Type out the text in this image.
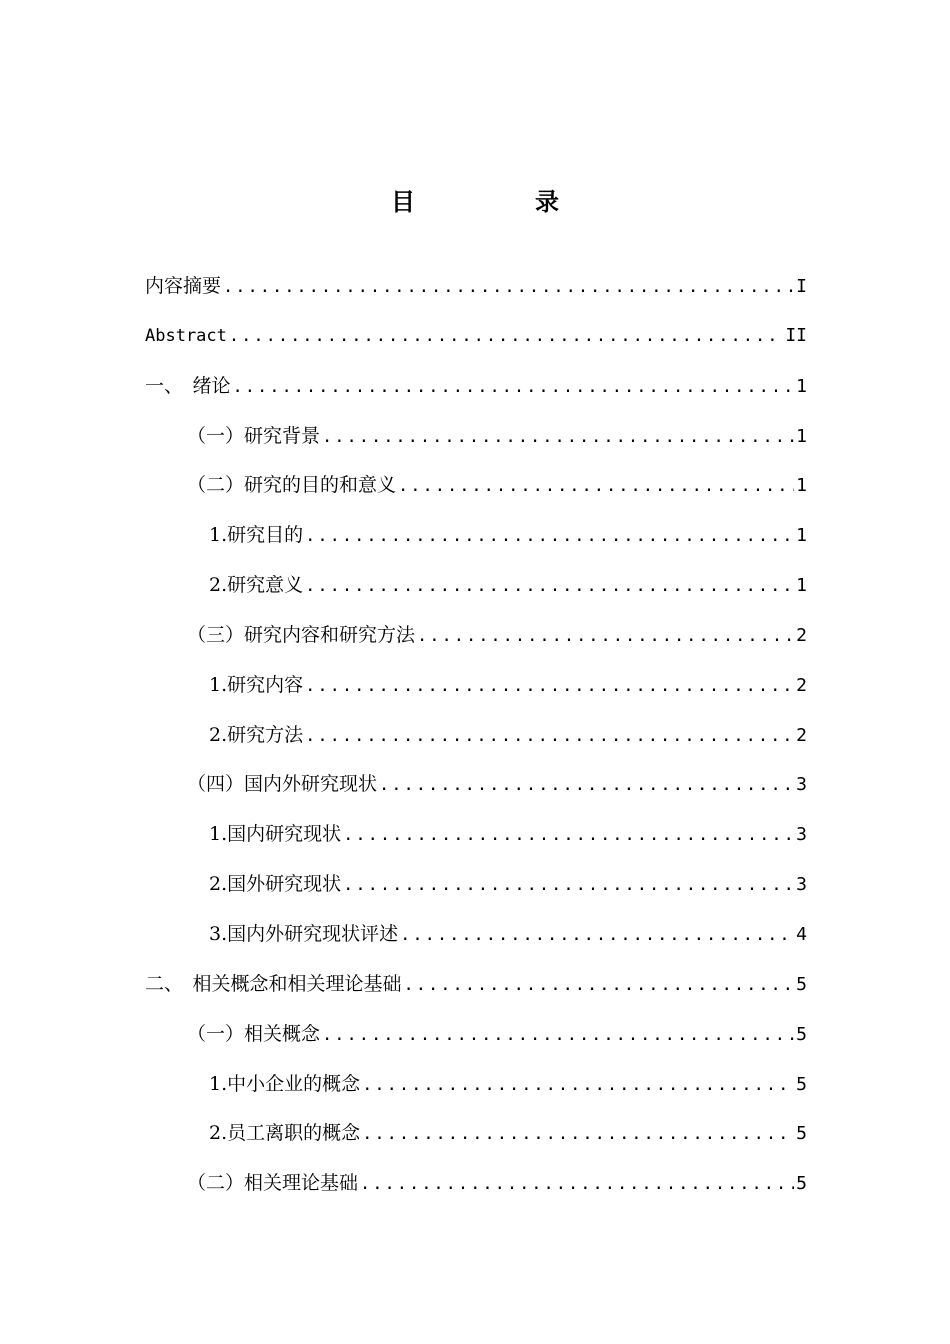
目　录
内容摘要 .....	I
Abstract .....	II
一、　绪论 .....	1
（一）研究背景 .....	1
（二）研究的目的和意义 .....	1
1.研究目的 .....	1
2.研究意义 .....	1
（三）研究内容和研究方法 .....	2
1.研究内容 .....	2
2.研究方法 .....	2
（四）国内外研究现状 .....	3
1.国内研究现状 .....	3
2.国外研究现状 .....	3
3.国内外研究现状评述 .....	4
二、　相关概念和相关理论基础 .....	5
（一）相关概念 .....	5
1.中小企业的概念 .....	5
2.员工离职的概念 .....	5
（二）相关理论基础 .....	5
